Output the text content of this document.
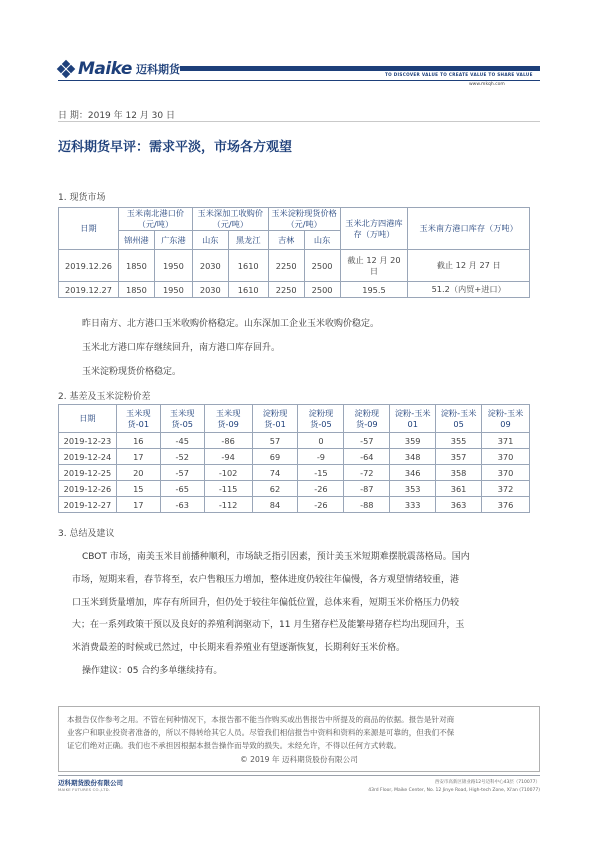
Maike 迈科期货	TO DISCOVER VALUE TO CREATE VALUE TO SHARE VALUE
www.mkqh.com
日 期：2019 年 12 月 30 日
迈科期货早评：需求平淡，市场各方观望
1. 现货市场
日期	玉米南北港口价（元/吨）		玉米深加工收购价（元/吨）		玉米淀粉现货价格（元/吨）		玉米北方四港库存（万吨）	玉米南方港口库存（万吨）
	锦州港	广东港	山东	黑龙江	吉林	山东		
2019.12.26	1850	1950	2030	1610	2250	2500	截止 12 月 20 日	截止 12 月 27 日
2019.12.27	1850	1950	2030	1610	2250	2500	195.5	51.2（内贸+进口）
昨日南方、北方港口玉米收购价格稳定。山东深加工企业玉米收购价稳定。
玉米北方港口库存继续回升，南方港口库存回升。
玉米淀粉现货价格稳定。
2. 基差及玉米淀粉价差
日期	玉米现货-01	玉米现货-05	玉米现货-09	淀粉现货-01	淀粉现货-05	淀粉现货-09	淀粉-玉米 01	淀粉-玉米 05	淀粉-玉米 09
2019-12-23	16	-45	-86	57	0	-57	359	355	371
2019-12-24	17	-52	-94	69	-9	-64	348	357	370
2019-12-25	20	-57	-102	74	-15	-72	346	358	370
2019-12-26	15	-65	-115	62	-26	-87	353	361	372
2019-12-27	17	-63	-112	84	-26	-88	333	363	376
3. 总结及建议
CBOT 市场，南美玉米目前播种顺利，市场缺乏指引因素，预计美玉米短期难摆脱震荡格局。国内
市场，短期来看，春节将至，农户售粮压力增加，整体进度仍较往年偏慢，各方观望情绪较重，港
口玉米到货量增加，库存有所回升，但仍处于较往年偏低位置，总体来看，短期玉米价格压力仍较
大；在一系列政策干预以及良好的养殖利润驱动下，11 月生猪存栏及能繁母猪存栏均出现回升，玉
米消费最差的时候或已然过，中长期来看养殖业有望逐渐恢复，长期利好玉米价格。
操作建议：05 合约多单继续持有。
本报告仅作参考之用。不管在何种情况下，本报告都不能当作购买或出售报告中所提及的商品的依据。报告是针对商
业客户和职业投资者准备的，所以不得转给其它人员。尽管我们相信报告中资料和资料的来源是可靠的，但我们不保
证它们绝对正确。我们也不承担因根据本报告操作而导致的损失。未经允许，不得以任何方式转载。
© 2019 年 迈科期货股份有限公司
迈科期货股份有限公司
MAIKE FUTURES CO.,LTD.
西安市高新区锦业路12号迈科中心43层（710077）
43rd Floor, Maike Center, No. 12 Jinye Road, High-tech Zone, Xi'an (710077)
